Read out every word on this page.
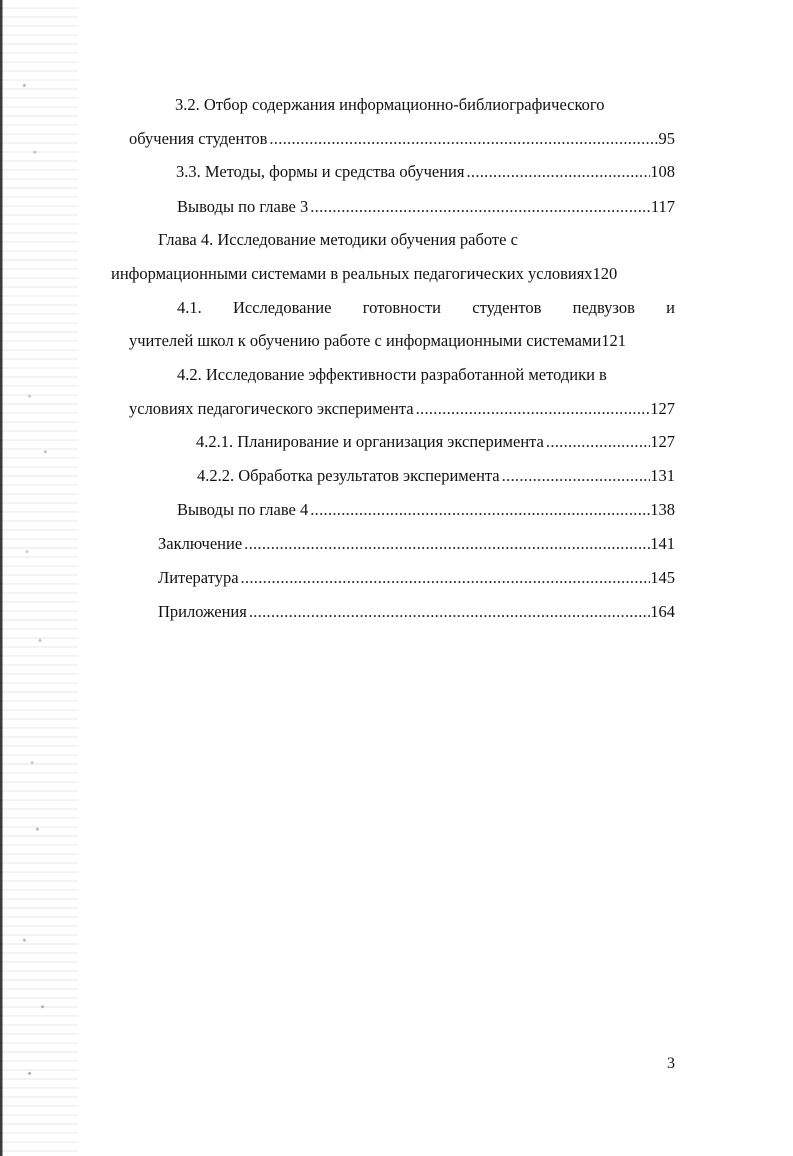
3.2. Отбор содержания информационно-библиографического
обучения студентов .....	95
3.3. Методы, формы и средства обучения .....	108
Выводы по главе 3 .....	117
Глава 4. Исследование методики обучения работе с
информационными системами в реальных педагогических условиях 120
4.1. Исследование готовности студентов педвузов и
учителей школ к обучению работе с информационными системами 121
4.2. Исследование эффективности разработанной методики в
условиях педагогического эксперимента .....	127
4.2.1. Планирование и организация эксперимента .....	127
4.2.2. Обработка результатов эксперимента .....	131
Выводы по главе 4 .....	138
Заключение .....	141
Литература .....	145
Приложения .....	164
3
